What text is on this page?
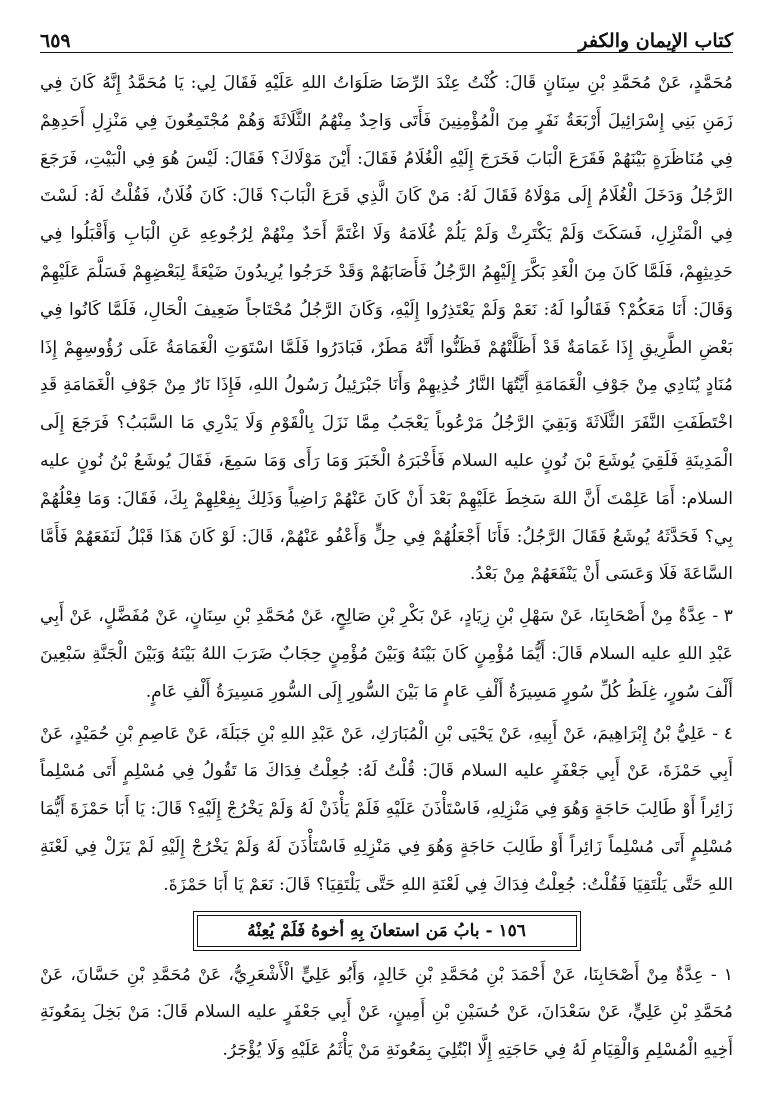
كتاب الإيمان والكفر
٦٥٩

مُحَمَّدٍ، عَنْ مُحَمَّدِ بْنِ سِنَانٍ قَالَ: كُنْتُ عِنْدَ الرِّضَا صَلَوَاتُ اللهِ عَلَيْهِ فَقَالَ لِي: يَا مُحَمَّدُ إِنَّهُ كَانَ فِي زَمَنِ بَنِي إِسْرَائِيلَ أَرْبَعَةُ نَفَرٍ مِنَ الْمُؤْمِنِينَ فَأَتَى وَاحِدٌ مِنْهُمُ الثَّلَاثَةَ وَهُمْ مُجْتَمِعُونَ فِي مَنْزِلِ أَحَدِهِمْ فِي مُنَاظَرَةٍ بَيْنَهُمْ فَقَرَعَ الْبَابَ فَخَرَجَ إِلَيْهِ الْغُلَامُ فَقَالَ: أَيْنَ مَوْلَاكَ؟ فَقَالَ: لَيْسَ هُوَ فِي الْبَيْتِ، فَرَجَعَ الرَّجُلُ وَدَخَلَ الْغُلَامُ إِلَى مَوْلَاهُ فَقَالَ لَهُ: مَنْ كَانَ الَّذِي قَرَعَ الْبَابَ؟ قَالَ: كَانَ فُلَانٌ، فَقُلْتُ لَهُ: لَسْتَ فِي الْمَنْزِلِ، فَسَكَتَ وَلَمْ يَكْتَرِثْ وَلَمْ يَلُمْ غُلَامَهُ وَلَا اغْتَمَّ أَحَدٌ مِنْهُمْ لِرُجُوعِهِ عَنِ الْبَابِ وَأَقْبَلُوا فِي حَدِيثِهِمْ، فَلَمَّا كَانَ مِنَ الْغَدِ بَكَّرَ إِلَيْهِمُ الرَّجُلُ فَأَصَابَهُمْ وَقَدْ خَرَجُوا يُرِيدُونَ ضَيْعَةً لِبَعْضِهِمْ فَسَلَّمَ عَلَيْهِمْ وَقَالَ: أَنَا مَعَكُمْ؟ فَقَالُوا لَهُ: نَعَمْ وَلَمْ يَعْتَذِرُوا إِلَيْهِ، وَكَانَ الرَّجُلُ مُحْتَاجاً ضَعِيفَ الْحَالِ، فَلَمَّا كَانُوا فِي بَعْضِ الطَّرِيقِ إِذَا غَمَامَةٌ قَدْ أَظَلَّتْهُمْ فَظَنُّوا أَنَّهُ مَطَرٌ، فَبَادَرُوا فَلَمَّا اسْتَوَتِ الْغَمَامَةُ عَلَى رُؤُوسِهِمْ إِذَا مُنَادٍ يُنَادِي مِنْ جَوْفِ الْغَمَامَةِ أَيَّتُهَا النَّارُ خُذِيهِمْ وَأَنَا جَبْرَئِيلُ رَسُولُ اللهِ، فَإِذَا نَارٌ مِنْ جَوْفِ الْغَمَامَةِ قَدِ اخْتَطَفَتِ النَّفَرَ الثَّلَاثَةَ وَبَقِيَ الرَّجُلُ مَرْعُوباً يَعْجَبُ مِمَّا نَزَلَ بِالْقَوْمِ وَلَا يَدْرِي مَا السَّبَبُ؟ فَرَجَعَ إِلَى الْمَدِينَةِ فَلَقِيَ يُوشَعَ بْنَ نُونٍ عليه السلام فَأَخْبَرَهُ الْخَبَرَ وَمَا رَأَى وَمَا سَمِعَ، فَقَالَ يُوشَعُ بْنُ نُونٍ عليه السلام: أَمَا عَلِمْتَ أَنَّ اللهَ سَخِطَ عَلَيْهِمْ بَعْدَ أَنْ كَانَ عَنْهُمْ رَاضِياً وَذَلِكَ بِفِعْلِهِمْ بِكَ، فَقَالَ: وَمَا فِعْلُهُمْ بِي؟ فَحَدَّثَهُ يُوشَعُ فَقَالَ الرَّجُلُ: فَأَنَا أَجْعَلُهُمْ فِي حِلٍّ وَأَعْفُو عَنْهُمْ، قَالَ: لَوْ كَانَ هَذَا قَبْلُ لَنَفَعَهُمْ فَأَمَّا السَّاعَةَ فَلَا وَعَسَى أَنْ يَنْفَعَهُمْ مِنْ بَعْدُ.

٣ - عِدَّةٌ مِنْ أَصْحَابِنَا، عَنْ سَهْلِ بْنِ زِيَادٍ، عَنْ بَكْرِ بْنِ صَالِحٍ، عَنْ مُحَمَّدِ بْنِ سِنَانٍ، عَنْ مُفَضَّلٍ، عَنْ أَبِي عَبْدِ اللهِ عليه السلام قَالَ: أَيُّمَا مُؤْمِنٍ كَانَ بَيْنَهُ وَبَيْنَ مُؤْمِنٍ حِجَابٌ ضَرَبَ اللهُ بَيْنَهُ وَبَيْنَ الْجَنَّةِ سَبْعِينَ أَلْفَ سُورٍ، غِلَظُ كُلِّ سُورٍ مَسِيرَةُ أَلْفِ عَامٍ مَا بَيْنَ السُّورِ إِلَى السُّورِ مَسِيرَةُ أَلْفِ عَامٍ.

٤ - عَلِيُّ بْنُ إِبْرَاهِيمَ، عَنْ أَبِيهِ، عَنْ يَحْيَى بْنِ الْمُبَارَكِ، عَنْ عَبْدِ اللهِ بْنِ جَبَلَةَ، عَنْ عَاصِمِ بْنِ حُمَيْدٍ، عَنْ أَبِي حَمْزَةَ، عَنْ أَبِي جَعْفَرٍ عليه السلام قَالَ: قُلْتُ لَهُ: جُعِلْتُ فِدَاكَ مَا تَقُولُ فِي مُسْلِمٍ أَتَى مُسْلِماً زَائِراً أَوْ طَالِبَ حَاجَةٍ وَهُوَ فِي مَنْزِلِهِ، فَاسْتَأْذَنَ عَلَيْهِ فَلَمْ يَأْذَنْ لَهُ وَلَمْ يَخْرُجْ إِلَيْهِ؟ قَالَ: يَا أَبَا حَمْزَةَ أَيُّمَا مُسْلِمٍ أَتَى مُسْلِماً زَائِراً أَوْ طَالِبَ حَاجَةٍ وَهُوَ فِي مَنْزِلِهِ فَاسْتَأْذَنَ لَهُ وَلَمْ يَخْرُجْ إِلَيْهِ لَمْ يَزَلْ فِي لَعْنَةِ اللهِ حَتَّى يَلْتَقِيَا فَقُلْتُ: جُعِلْتُ فِدَاكَ فِي لَعْنَةِ اللهِ حَتَّى يَلْتَقِيَا؟ قَالَ: نَعَمْ يَا أَبَا حَمْزَةَ.

١٥٦ - بابُ مَن استعانَ بِهِ أخوهُ فَلَمْ يُعِنْهُ

١ - عِدَّةٌ مِنْ أَصْحَابِنَا، عَنْ أَحْمَدَ بْنِ مُحَمَّدِ بْنِ خَالِدٍ، وَأَبُو عَلِيٍّ الْأَشْعَرِيُّ، عَنْ مُحَمَّدِ بْنِ حَسَّانَ، عَنْ مُحَمَّدِ بْنِ عَلِيٍّ، عَنْ سَعْدَانَ، عَنْ حُسَيْنِ بْنِ أَمِينٍ، عَنْ أَبِي جَعْفَرٍ عليه السلام قَالَ: مَنْ بَخِلَ بِمَعُونَةِ أَخِيهِ الْمُسْلِمِ وَالْقِيَامِ لَهُ فِي حَاجَتِهِ إِلَّا ابْتُلِيَ بِمَعُونَةِ مَنْ يَأْثَمُ عَلَيْهِ وَلَا يُؤْجَرُ.
